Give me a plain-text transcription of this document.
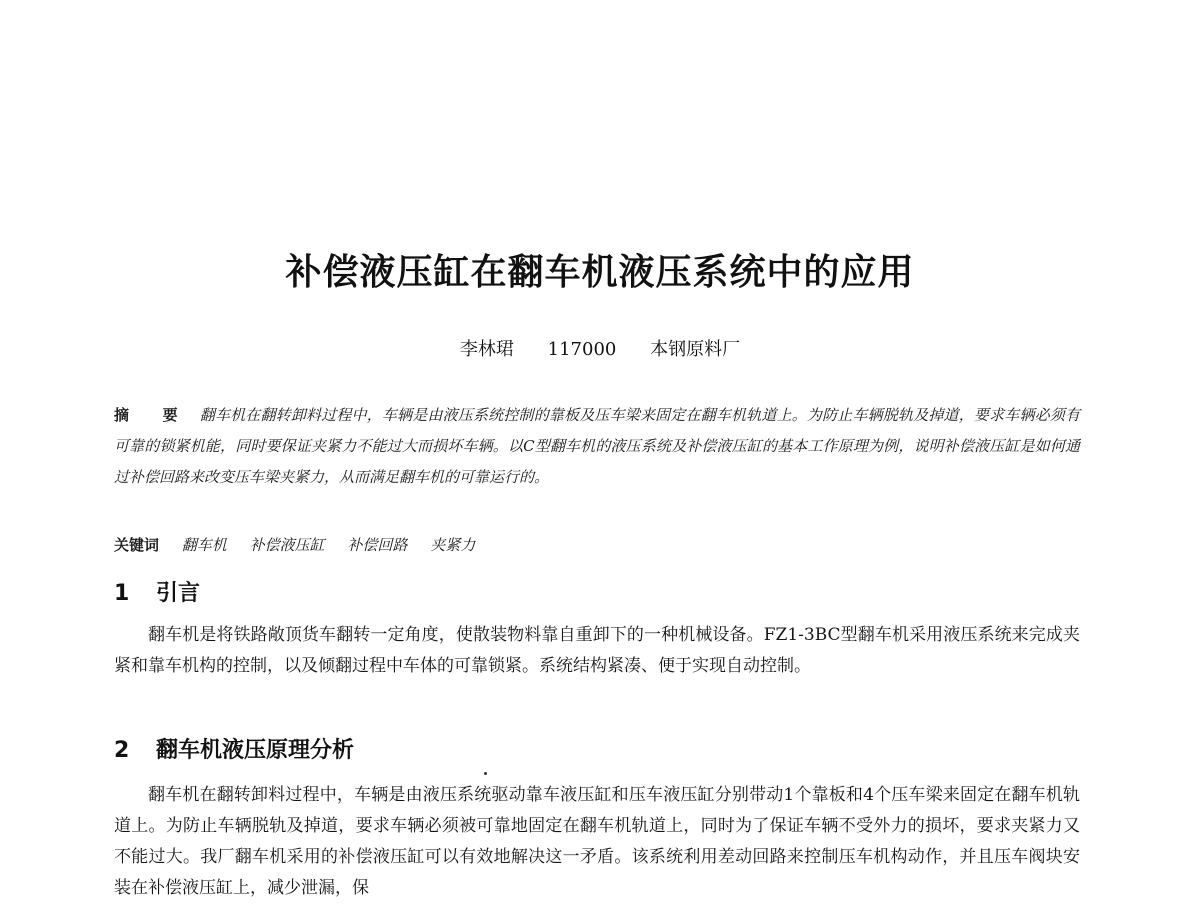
补偿液压缸在翻车机液压系统中的应用
李林珺 117000 本钢原料厂
摘 要 翻车机在翻转卸料过程中，车辆是由液压系统控制的靠板及压车梁来固定在翻车机轨道上。为防止车辆脱轨及掉道，要求车辆必须有可靠的锁紧机能，同时要保证夹紧力不能过大而损坏车辆。以C型翻车机的液压系统及补偿液压缸的基本工作原理为例，说明补偿液压缸是如何通过补偿回路来改变压车梁夹紧力，从而满足翻车机的可靠运行的。
关键词 翻车机 补偿液压缸 补偿回路 夹紧力
1 引言
翻车机是将铁路敞顶货车翻转一定角度，使散装物料靠自重卸下的一种机械设备。FZ1-3BC型翻车机采用液压系统来完成夹紧和靠车机构的控制，以及倾翻过程中车体的可靠锁紧。系统结构紧凑、便于实现自动控制。
2 翻车机液压原理分析
翻车机在翻转卸料过程中，车辆是由液压系统驱动靠车液压缸和压车液压缸分别带动1个靠板和4个压车梁来固定在翻车机轨道上。为防止车辆脱轨及掉道，要求车辆必须被可靠地固定在翻车机轨道上，同时为了保证车辆不受外力的损坏，要求夹紧力又不能过大。我厂翻车机采用的补偿液压缸可以有效地解决这一矛盾。该系统利用差动回路来控制压车机构动作，并且压车阀块安装在补偿液压缸上，减少泄漏，保
